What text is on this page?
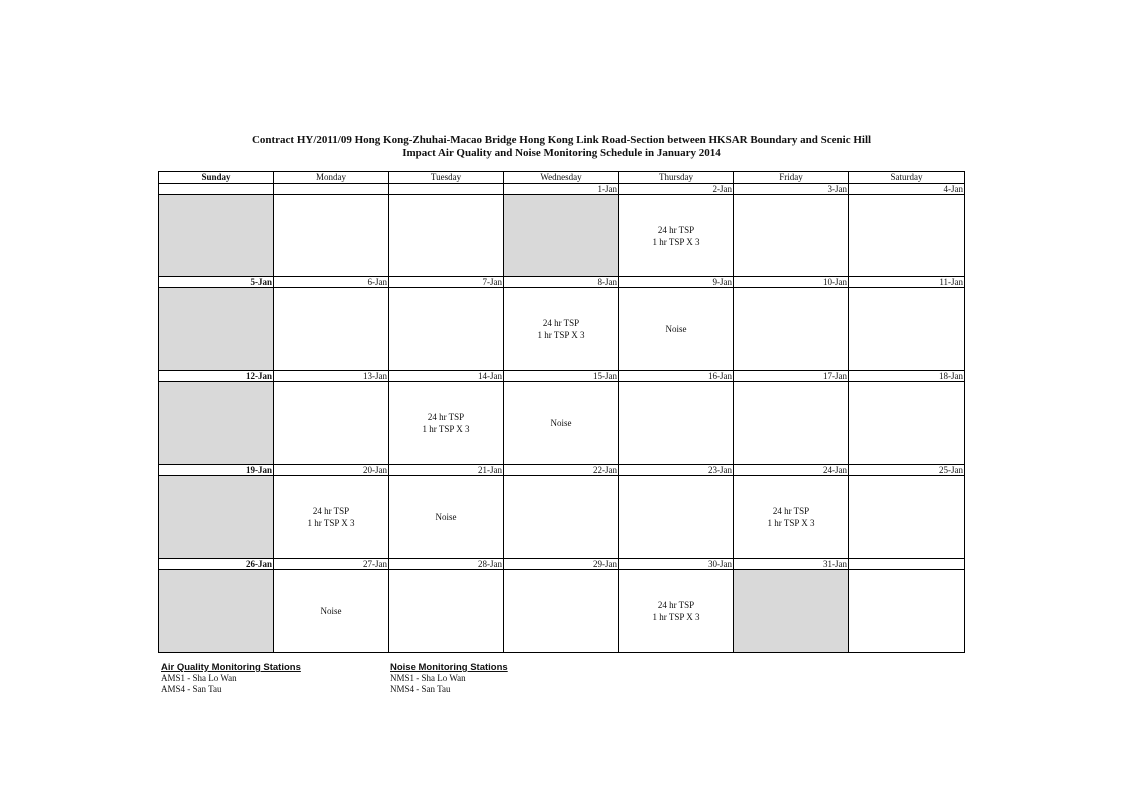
Contract HY/2011/09 Hong Kong-Zhuhai-Macao Bridge Hong Kong Link Road-Section between HKSAR Boundary and Scenic Hill
Impact Air Quality and Noise Monitoring Schedule in January 2014
Sunday	Monday	Tuesday	Wednesday	Thursday	Friday	Saturday
			1-Jan	2-Jan	3-Jan	4-Jan

				24 hr TSP
1 hr TSP X 3		

5-Jan	6-Jan	7-Jan	8-Jan	9-Jan	10-Jan	11-Jan

			24 hr TSP
1 hr TSP X 3	Noise		

12-Jan	13-Jan	14-Jan	15-Jan	16-Jan	17-Jan	18-Jan

		24 hr TSP
1 hr TSP X 3	Noise			

19-Jan	20-Jan	21-Jan	22-Jan	23-Jan	24-Jan	25-Jan

	24 hr TSP
1 hr TSP X 3	Noise			24 hr TSP
1 hr TSP X 3	

26-Jan	27-Jan	28-Jan	29-Jan	30-Jan	31-Jan	

	Noise			24 hr TSP
1 hr TSP X 3		

Air Quality Monitoring Stations
AMS1 - Sha Lo Wan
AMS4 - San Tau
Noise Monitoring Stations
NMS1 - Sha Lo Wan
NMS4 - San Tau
